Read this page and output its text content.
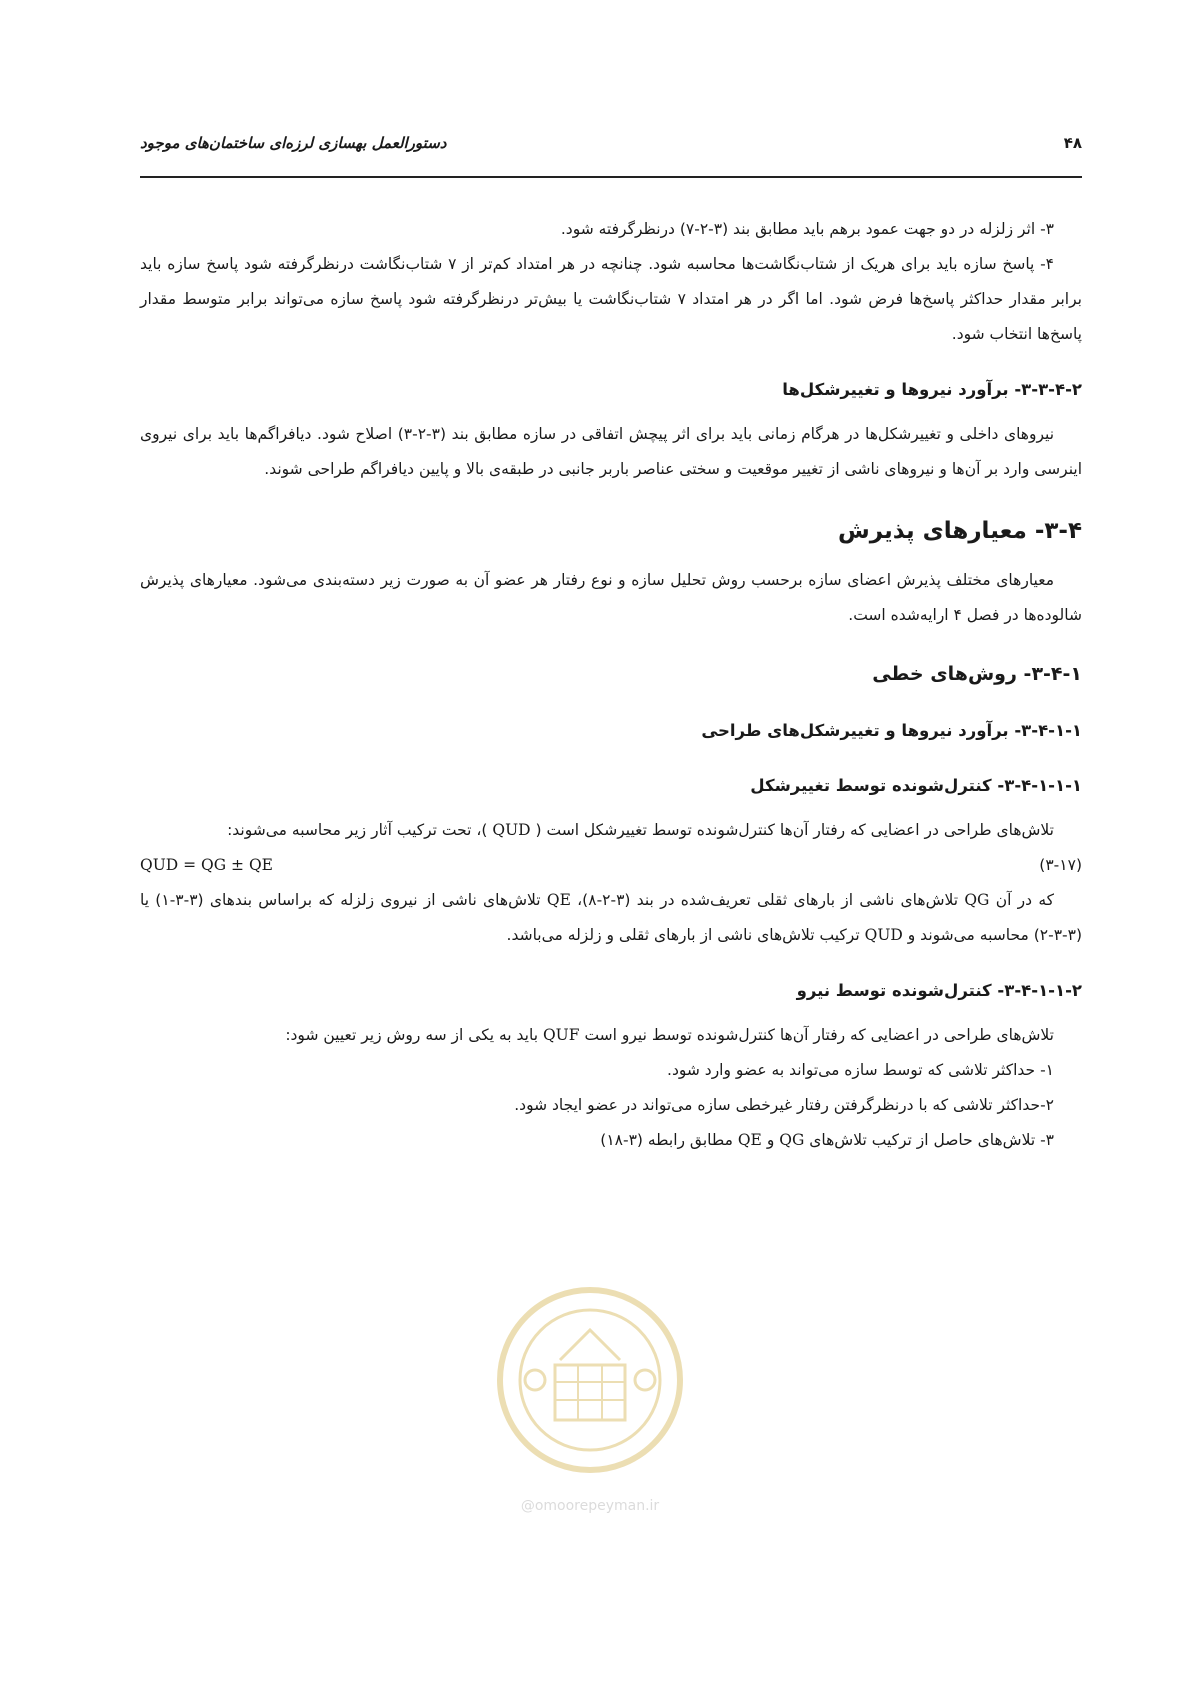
۴۸
دستورالعمل بهسازی لرزه‌ای ساختمان‌های موجود

۳- اثر زلزله در دو جهت عمود برهم باید مطابق بند (۳-۲-۷) درنظرگرفته شود.

۴- پاسخ سازه باید برای هریک از شتاب‌نگاشت‌ها محاسبه شود. چنانچه در هر امتداد کم‌تر از ۷ شتاب‌نگاشت درنظرگرفته شود پاسخ سازه باید برابر مقدار حداکثر پاسخ‌ها فرض شود. اما اگر در هر امتداد ۷ شتاب‌نگاشت یا بیش‌تر درنظرگرفته شود پاسخ سازه می‌تواند برابر متوسط مقدار پاسخ‌ها انتخاب شود.

۳-۳-۴-۲- برآورد نیروها و تغییرشکل‌ها

نیروهای داخلی و تغییرشکل‌ها در هرگام زمانی باید برای اثر پیچش اتفاقی در سازه مطابق بند (۳-۲-۳) اصلاح شود. دیافراگم‌ها باید برای نیروی اینرسی وارد بر آن‌ها و نیروهای ناشی از تغییر موقعیت و سختی عناصر باربر جانبی در طبقه‌ی بالا و پایین دیافراگم طراحی شوند.

۳-۴- معیارهای پذیرش

معیارهای مختلف پذیرش اعضای سازه برحسب روش تحلیل سازه و نوع رفتار هر عضو آن به صورت زیر دسته‌بندی می‌شود. معیارهای پذیرش شالوده‌ها در فصل ۴ ارایه‌شده است.

۳-۴-۱- روش‌های خطی

۳-۴-۱-۱- برآورد نیروها و تغییرشکل‌های طراحی

۳-۴-۱-۱-۱- کنترل‌شونده توسط تغییرشکل

تلاش‌های طراحی در اعضایی که رفتار آن‌ها کنترل‌شونده توسط تغییرشکل است ( QUD )، تحت ترکیب آثار زیر محاسبه می‌شوند:

(۳-۱۷)
QUD = QG ± QE

که در آن QG تلاش‌های ناشی از بارهای ثقلی تعریف‌شده در بند (۳-۲-۸)، QE تلاش‌های ناشی از نیروی زلزله که براساس بندهای (۳-۳-۱) یا (۳-۳-۲) محاسبه می‌شوند و QUD ترکیب تلاش‌های ناشی از بارهای ثقلی و زلزله می‌باشد.

۳-۴-۱-۱-۲- کنترل‌شونده توسط نیرو

تلاش‌های طراحی در اعضایی که رفتار آن‌ها کنترل‌شونده توسط نیرو است QUF باید به یکی از سه روش زیر تعیین شود:

۱- حداکثر تلاشی که توسط سازه می‌تواند به عضو وارد شود.

۲-حداکثر تلاشی که با درنظرگرفتن رفتار غیرخطی سازه می‌تواند در عضو ایجاد شود.

۳- تلاش‌های حاصل از ترکیب تلاش‌های QG و QE مطابق رابطه (۳-۱۸)

@omoorepeyman.ir
